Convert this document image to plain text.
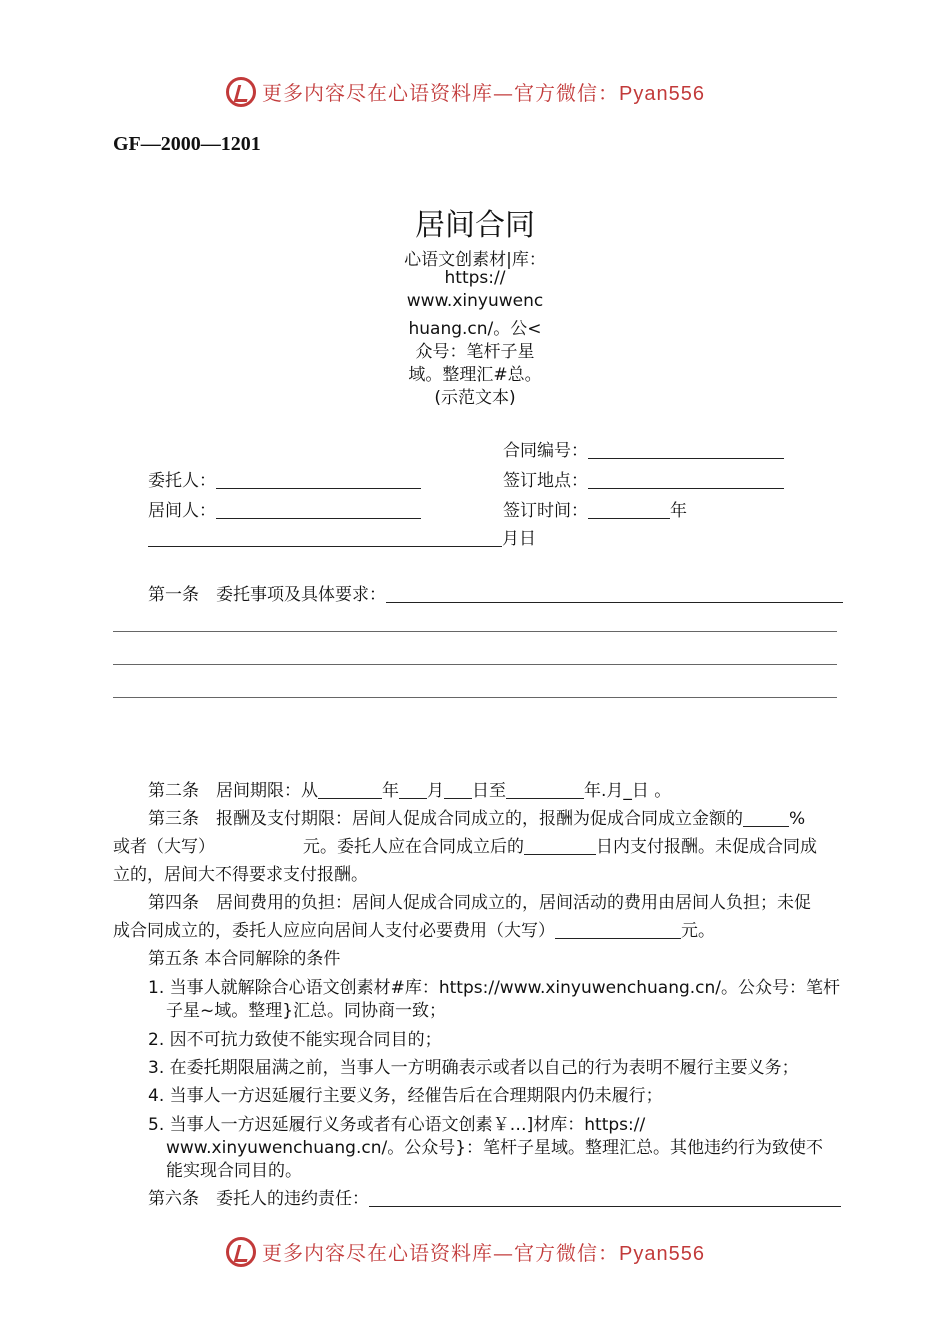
更多内容尽在心语资料库—官方微信：Pyan556
GF—2000—1201
居间合同
心语文创素材|库：
https://
www.xinyuwenc
huang.cn/。公<
众号：笔杆子星
域。整理汇#总。
(示范文本)
合同编号：
委托人：	签订地点：
居间人：	签订时间：	年
月日
第一条　 委托事项及具体要求：
第二条　 居间期限：从	年 月 日至	年.月_日 。
第三条　 报酬及支付期限：居间人促成合同成立的，报酬为促成合同成立金额的	%
或者（大写）	元。委托人应在合同成立后的	日内支付报酬。未促成合同成
立的，居间大不得要求支付报酬。
第四条　居间费用的负担：居间人促成合同成立的，居间活动的费用由居间人负担；未促
成合同成立的，委托人应应向居间人支付必要费用（大写）	元。
第五条 本合同解除的条件
1. 当事人就解除合心语文创素材#库：https://www.xinyuwenchuang.cn/。公众号：笔杆
子星~域。整理}汇总。同协商一致；
2. 因不可抗力致使不能实现合同目的；
3. 在委托期限届满之前，当事人一方明确表示或者以自己的行为表明不履行主要义务；
4. 当事人一方迟延履行主要义务，经催告后在合理期限内仍未履行；
5. 当事人一方迟延履行义务或者有心语文创素￥…]材库：https://
www.xinyuwenchuang.cn/。公众号}：笔杆子星域。整理汇总。其他违约行为致使不
能实现合同目的。
第六条　 委托人的违约责任：
更多内容尽在心语资料库—官方微信：Pyan556
